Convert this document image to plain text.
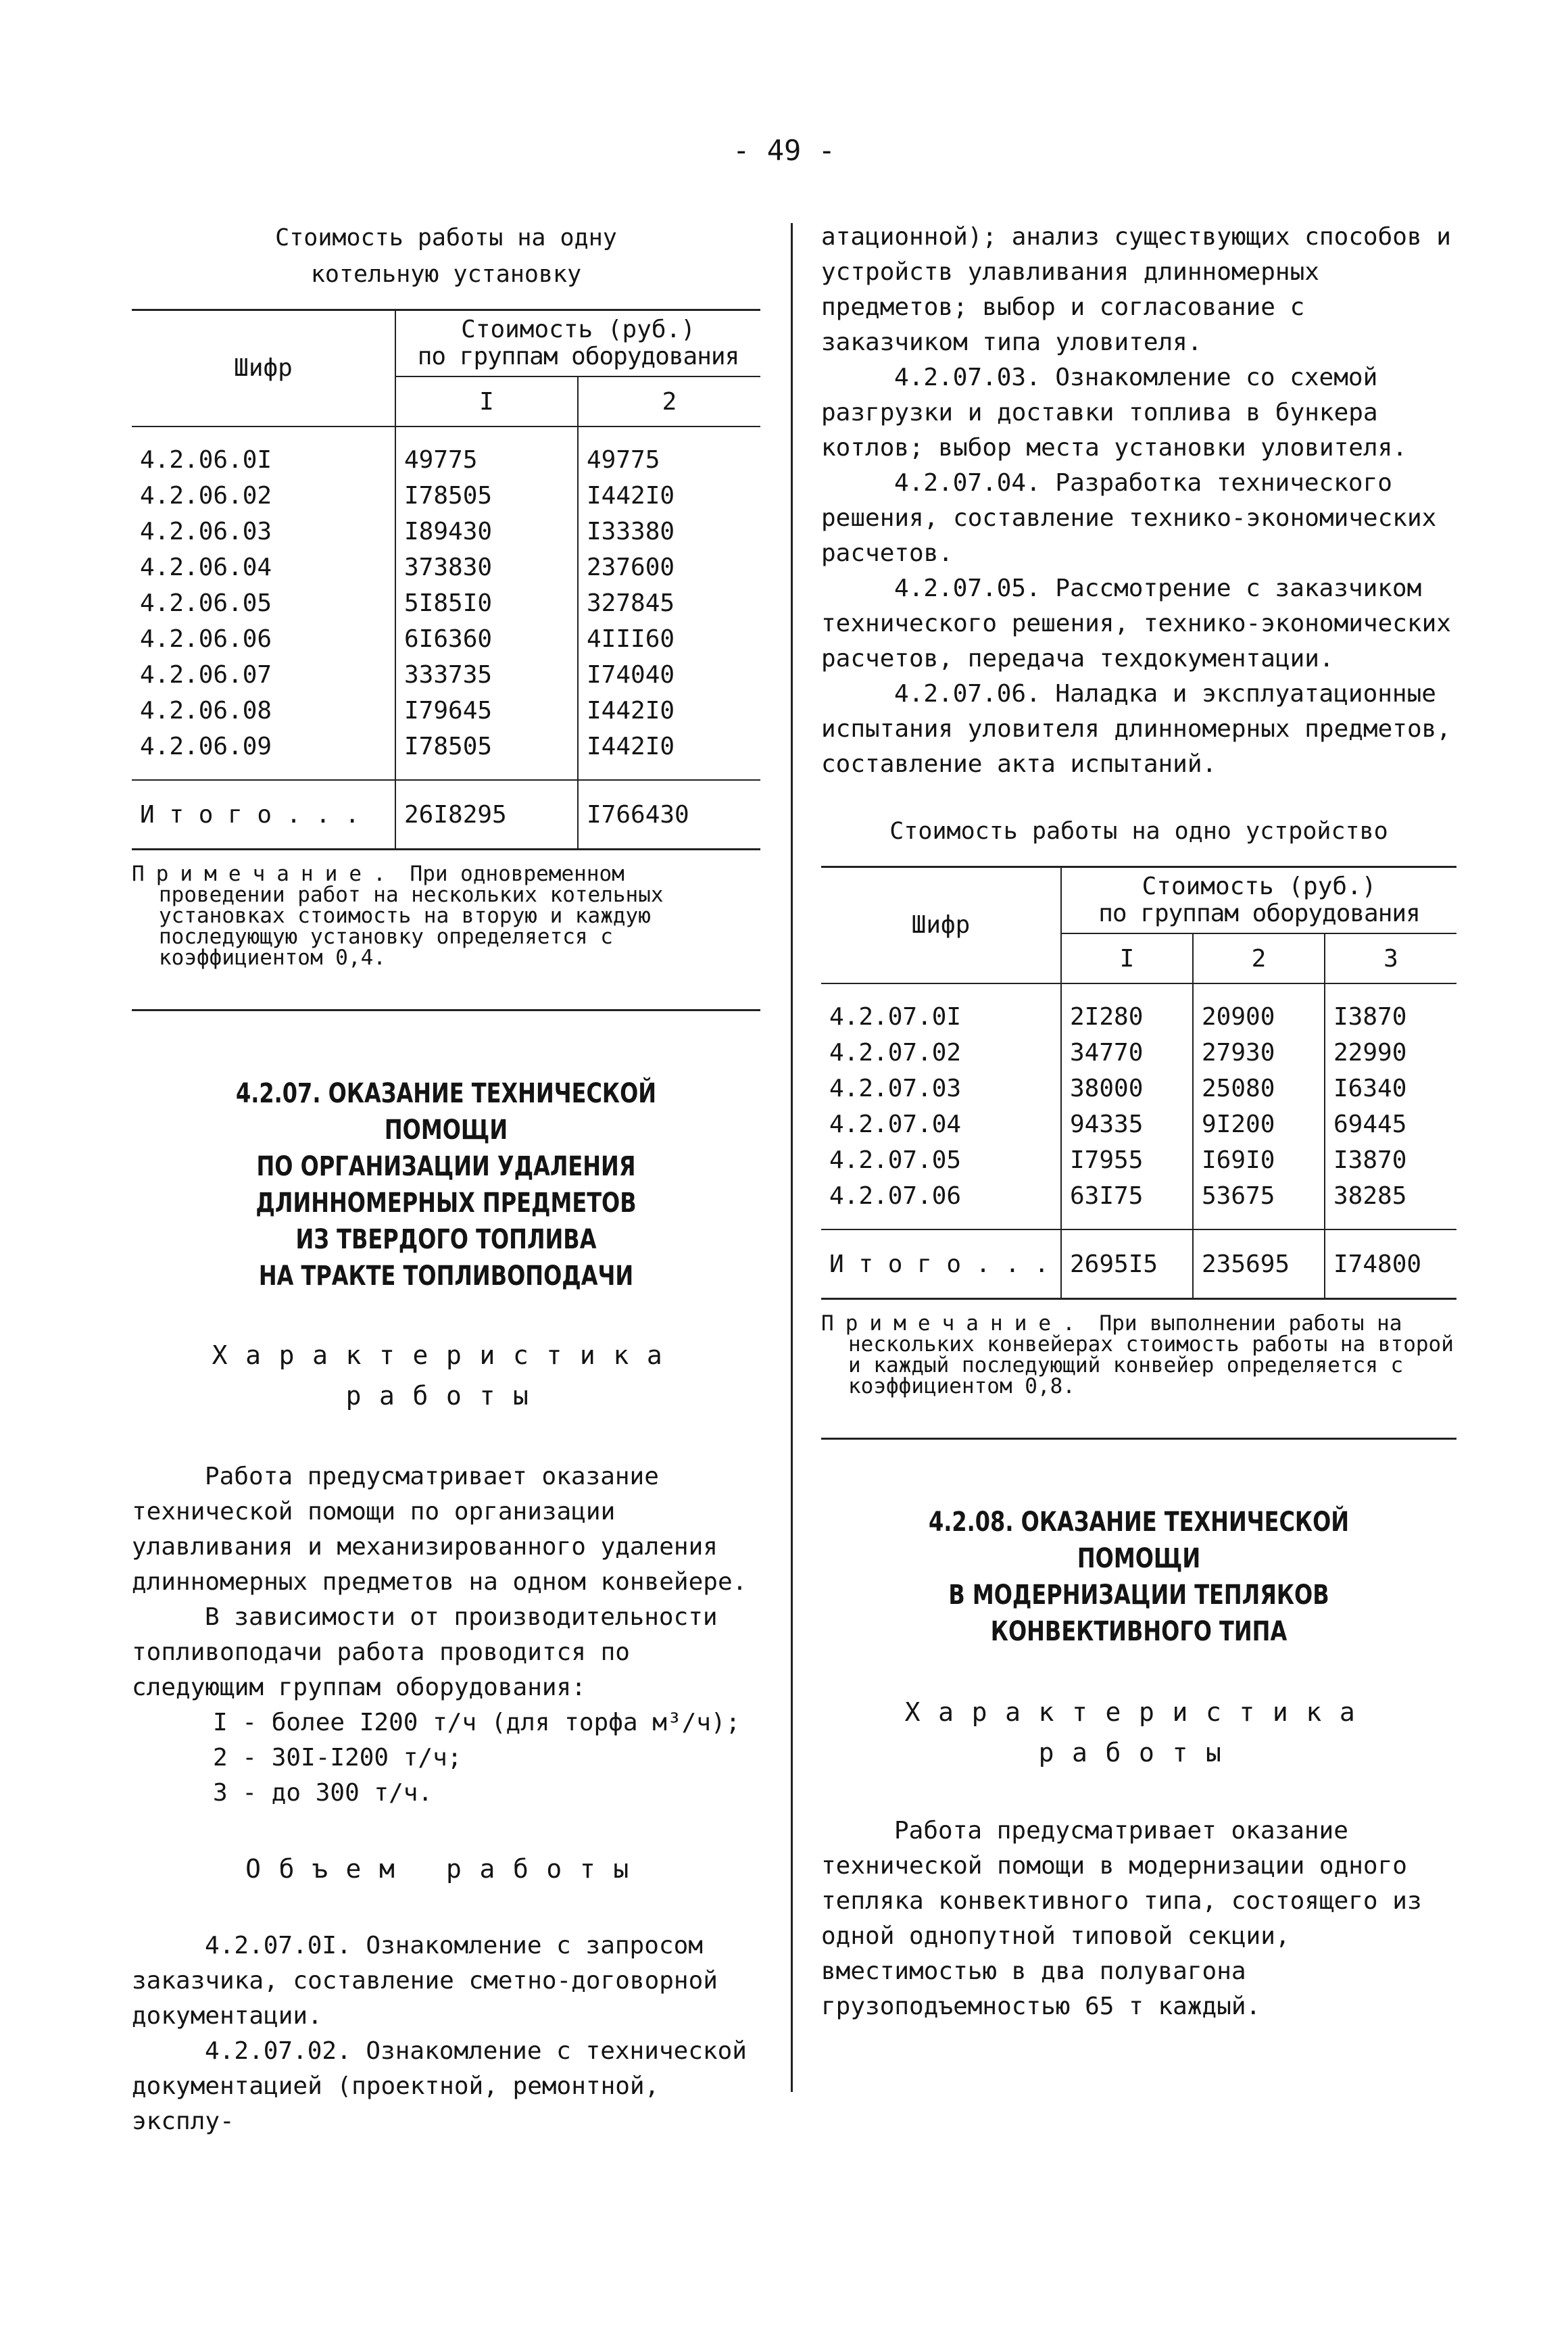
- 49 -
Стоимость работы на одну
котельную установку
Шифр	Стоимость (руб.)
по группам оборудования	

	I	2
4.2.06.0I	49775	49775
4.2.06.02	I78505	I442I0
4.2.06.03	I89430	I33380
4.2.06.04	373830	237600
4.2.06.05	5I85I0	327845
4.2.06.06	6I6360	4III60
4.2.06.07	333735	I74040
4.2.06.08	I79645	I442I0
4.2.06.09	I78505	I442I0
И т о г о . . .	26I8295	I766430
Примечание. При одновременном проведении работ на нескольких котельных установках стоимость на вторую и каждую последующую установку определяется с коэффициентом 0,4.
4.2.07. ОКАЗАНИЕ ТЕХНИЧЕСКОЙ ПОМОЩИ
ПО ОРГАНИЗАЦИИ УДАЛЕНИЯ
ДЛИННОМЕРНЫХ ПРЕДМЕТОВ
ИЗ ТВЕРДОГО ТОПЛИВА
НА ТРАКТЕ ТОПЛИВОПОДАЧИ
Характеристика
работы

Работа предусматривает оказание технической помощи по организации улавливания и механизированного удаления длинномерных предметов на одном конвейере.

В зависимости от производительности топливоподачи работа проводится по следующим группам оборудования:

I - более I200 т/ч (для торфа м³/ч);
2 - 30I-I200 т/ч;
3 - до 300 т/ч.
Объем работы

4.2.07.0I. Ознакомление с запросом заказчика, составление сметно-договорной документации.

4.2.07.02. Ознакомление с технической документацией (проектной, ремонтной, эксплу-

атационной); анализ существующих способов и устройств улавливания длинномерных предметов; выбор и согласование с заказчиком типа уловителя.

4.2.07.03. Ознакомление со схемой разгрузки и доставки топлива в бункера котлов; выбор места установки уловителя.

4.2.07.04. Разработка технического решения, составление технико-экономических расчетов.

4.2.07.05. Рассмотрение с заказчиком технического решения, технико-экономических расчетов, передача техдокументации.

4.2.07.06. Наладка и эксплуатационные испытания уловителя длинномерных предметов, составление акта испытаний.

Стоимость работы на одно устройство
Шифр	Стоимость (руб.)
по группам оборудования		

	I	2	3
4.2.07.0I	2I280	20900	I3870
4.2.07.02	34770	27930	22990
4.2.07.03	38000	25080	I6340
4.2.07.04	94335	9I200	69445
4.2.07.05	I7955	I69I0	I3870
4.2.07.06	63I75	53675	38285
И т о г о . . .	2695I5	235695	I74800
Примечание. При выполнении работы на нескольких конвейерах стоимость работы на второй и каждый последующий конвейер определяется с коэффициентом 0,8.
4.2.08. ОКАЗАНИЕ ТЕХНИЧЕСКОЙ ПОМОЩИ
В МОДЕРНИЗАЦИИ ТЕПЛЯКОВ
КОНВЕКТИВНОГО ТИПА
Характеристика
работы

Работа предусматривает оказание технической помощи в модернизации одного тепляка конвективного типа, состоящего из одной однопутной типовой секции, вместимостью в два полувагона грузоподъемностью 65 т каждый.
